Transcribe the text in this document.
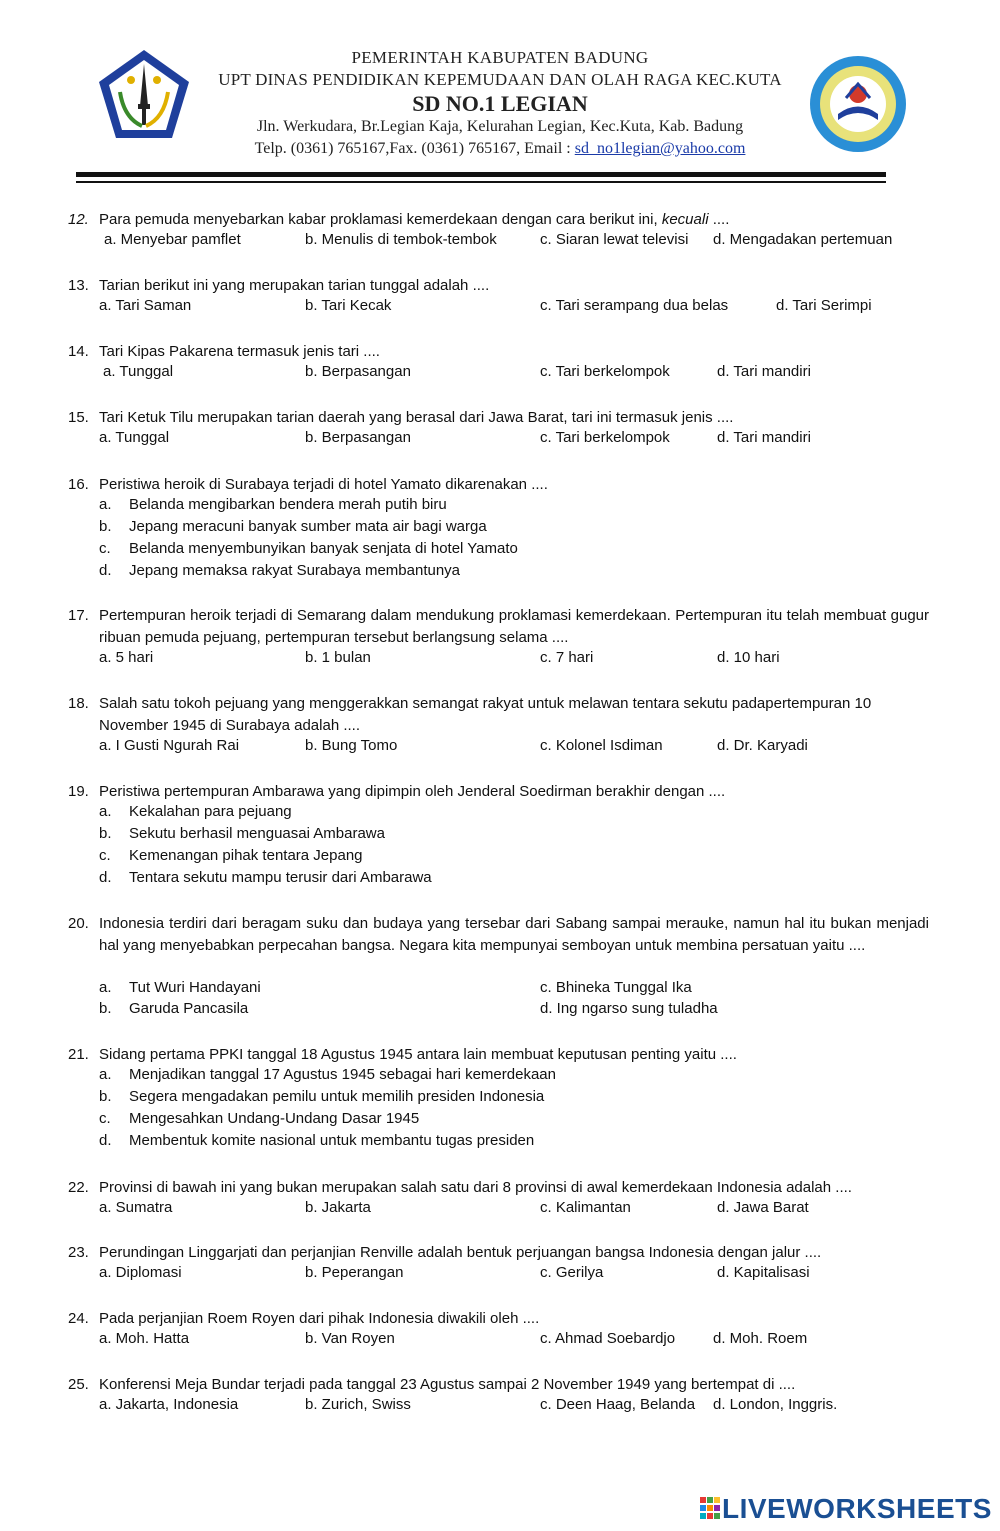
PEMERINTAH KABUPATEN BADUNG
UPT DINAS PENDIDIKAN KEPEMUDAAN DAN OLAH RAGA KEC.KUTA
SD NO.1 LEGIAN
Jln. Werkudara, Br.Legian Kaja, Kelurahan Legian, Kec.Kuta, Kab. Badung
Telp. (0361) 765167,Fax. (0361) 765167, Email : sd_no1legian@yahoo.com
12. Para pemuda menyebarkan kabar proklamasi kemerdekaan dengan cara berikut ini, kecuali ....
a. Menyebar pamflet	b. Menulis di tembok-tembok	c. Siaran lewat televisi d. Mengadakan pertemuan
13. Tarian berikut ini yang merupakan tarian tunggal adalah ....
a. Tari Saman	b. Tari Kecak	c. Tari serampang dua belas	d. Tari Serimpi
14. Tari Kipas Pakarena termasuk jenis tari ....
a. Tunggal	b. Berpasangan	c. Tari berkelompok	d. Tari mandiri
15. Tari Ketuk Tilu merupakan tarian daerah yang berasal dari Jawa Barat, tari ini termasuk jenis ....
a. Tunggal	b. Berpasangan	c. Tari berkelompok	d. Tari mandiri
16. Peristiwa heroik di Surabaya terjadi di hotel Yamato dikarenakan ....
a. Belanda mengibarkan bendera merah putih biru
b. Jepang meracuni banyak sumber mata air bagi warga
c. Belanda menyembunyikan banyak senjata di hotel Yamato
d. Jepang memaksa rakyat Surabaya membantunya
17. Pertempuran heroik terjadi di Semarang dalam mendukung proklamasi kemerdekaan. Pertempuran itu telah membuat gugur ribuan pemuda pejuang, pertempuran tersebut berlangsung selama ....
a. 5 hari	b. 1 bulan	c. 7 hari	d. 10 hari
18. Salah satu tokoh pejuang yang menggerakkan semangat rakyat untuk melawan tentara sekutu padapertempuran 10 November 1945 di Surabaya adalah ....
a. I Gusti Ngurah Rai	b. Bung Tomo	c. Kolonel Isdiman	d. Dr. Karyadi
19. Peristiwa pertempuran Ambarawa yang dipimpin oleh Jenderal Soedirman berakhir dengan ....
a. Kekalahan para pejuang
b. Sekutu berhasil menguasai Ambarawa
c. Kemenangan pihak tentara Jepang
d. Tentara sekutu mampu terusir dari Ambarawa
20. Indonesia terdiri dari beragam suku dan budaya yang tersebar dari Sabang sampai merauke, namun hal itu bukan menjadi hal yang menyebabkan perpecahan bangsa. Negara kita mempunyai semboyan untuk membina persatuan yaitu ....
a. Tut Wuri Handayani	c. Bhineka Tunggal Ika
b. Garuda Pancasila	d. Ing ngarso sung tuladha
21. Sidang pertama PPKI tanggal 18 Agustus 1945 antara lain membuat keputusan penting yaitu ....
a. Menjadikan tanggal 17 Agustus 1945 sebagai hari kemerdekaan
b. Segera mengadakan pemilu untuk memilih presiden Indonesia
c. Mengesahkan Undang-Undang Dasar 1945
d. Membentuk komite nasional untuk membantu tugas presiden
22. Provinsi di bawah ini yang bukan merupakan salah satu dari 8 provinsi di awal kemerdekaan Indonesia adalah ....
a. Sumatra	b. Jakarta	c. Kalimantan	d. Jawa Barat
23. Perundingan Linggarjati dan perjanjian Renville adalah bentuk perjuangan bangsa Indonesia dengan jalur ....
a. Diplomasi	b. Peperangan	c. Gerilya	d. Kapitalisasi
24. Pada perjanjian Roem Royen dari pihak Indonesia diwakili oleh ....
a. Moh. Hatta	b. Van Royen	c. Ahmad Soebardjo	d. Moh. Roem
25. Konferensi Meja Bundar terjadi pada tanggal 23 Agustus sampai 2 November 1949 yang bertempat di ....
a. Jakarta, Indonesia	b. Zurich, Swiss	c. Deen Haag, Belanda d. London, Inggris.
LIVEWORKSHEETS
